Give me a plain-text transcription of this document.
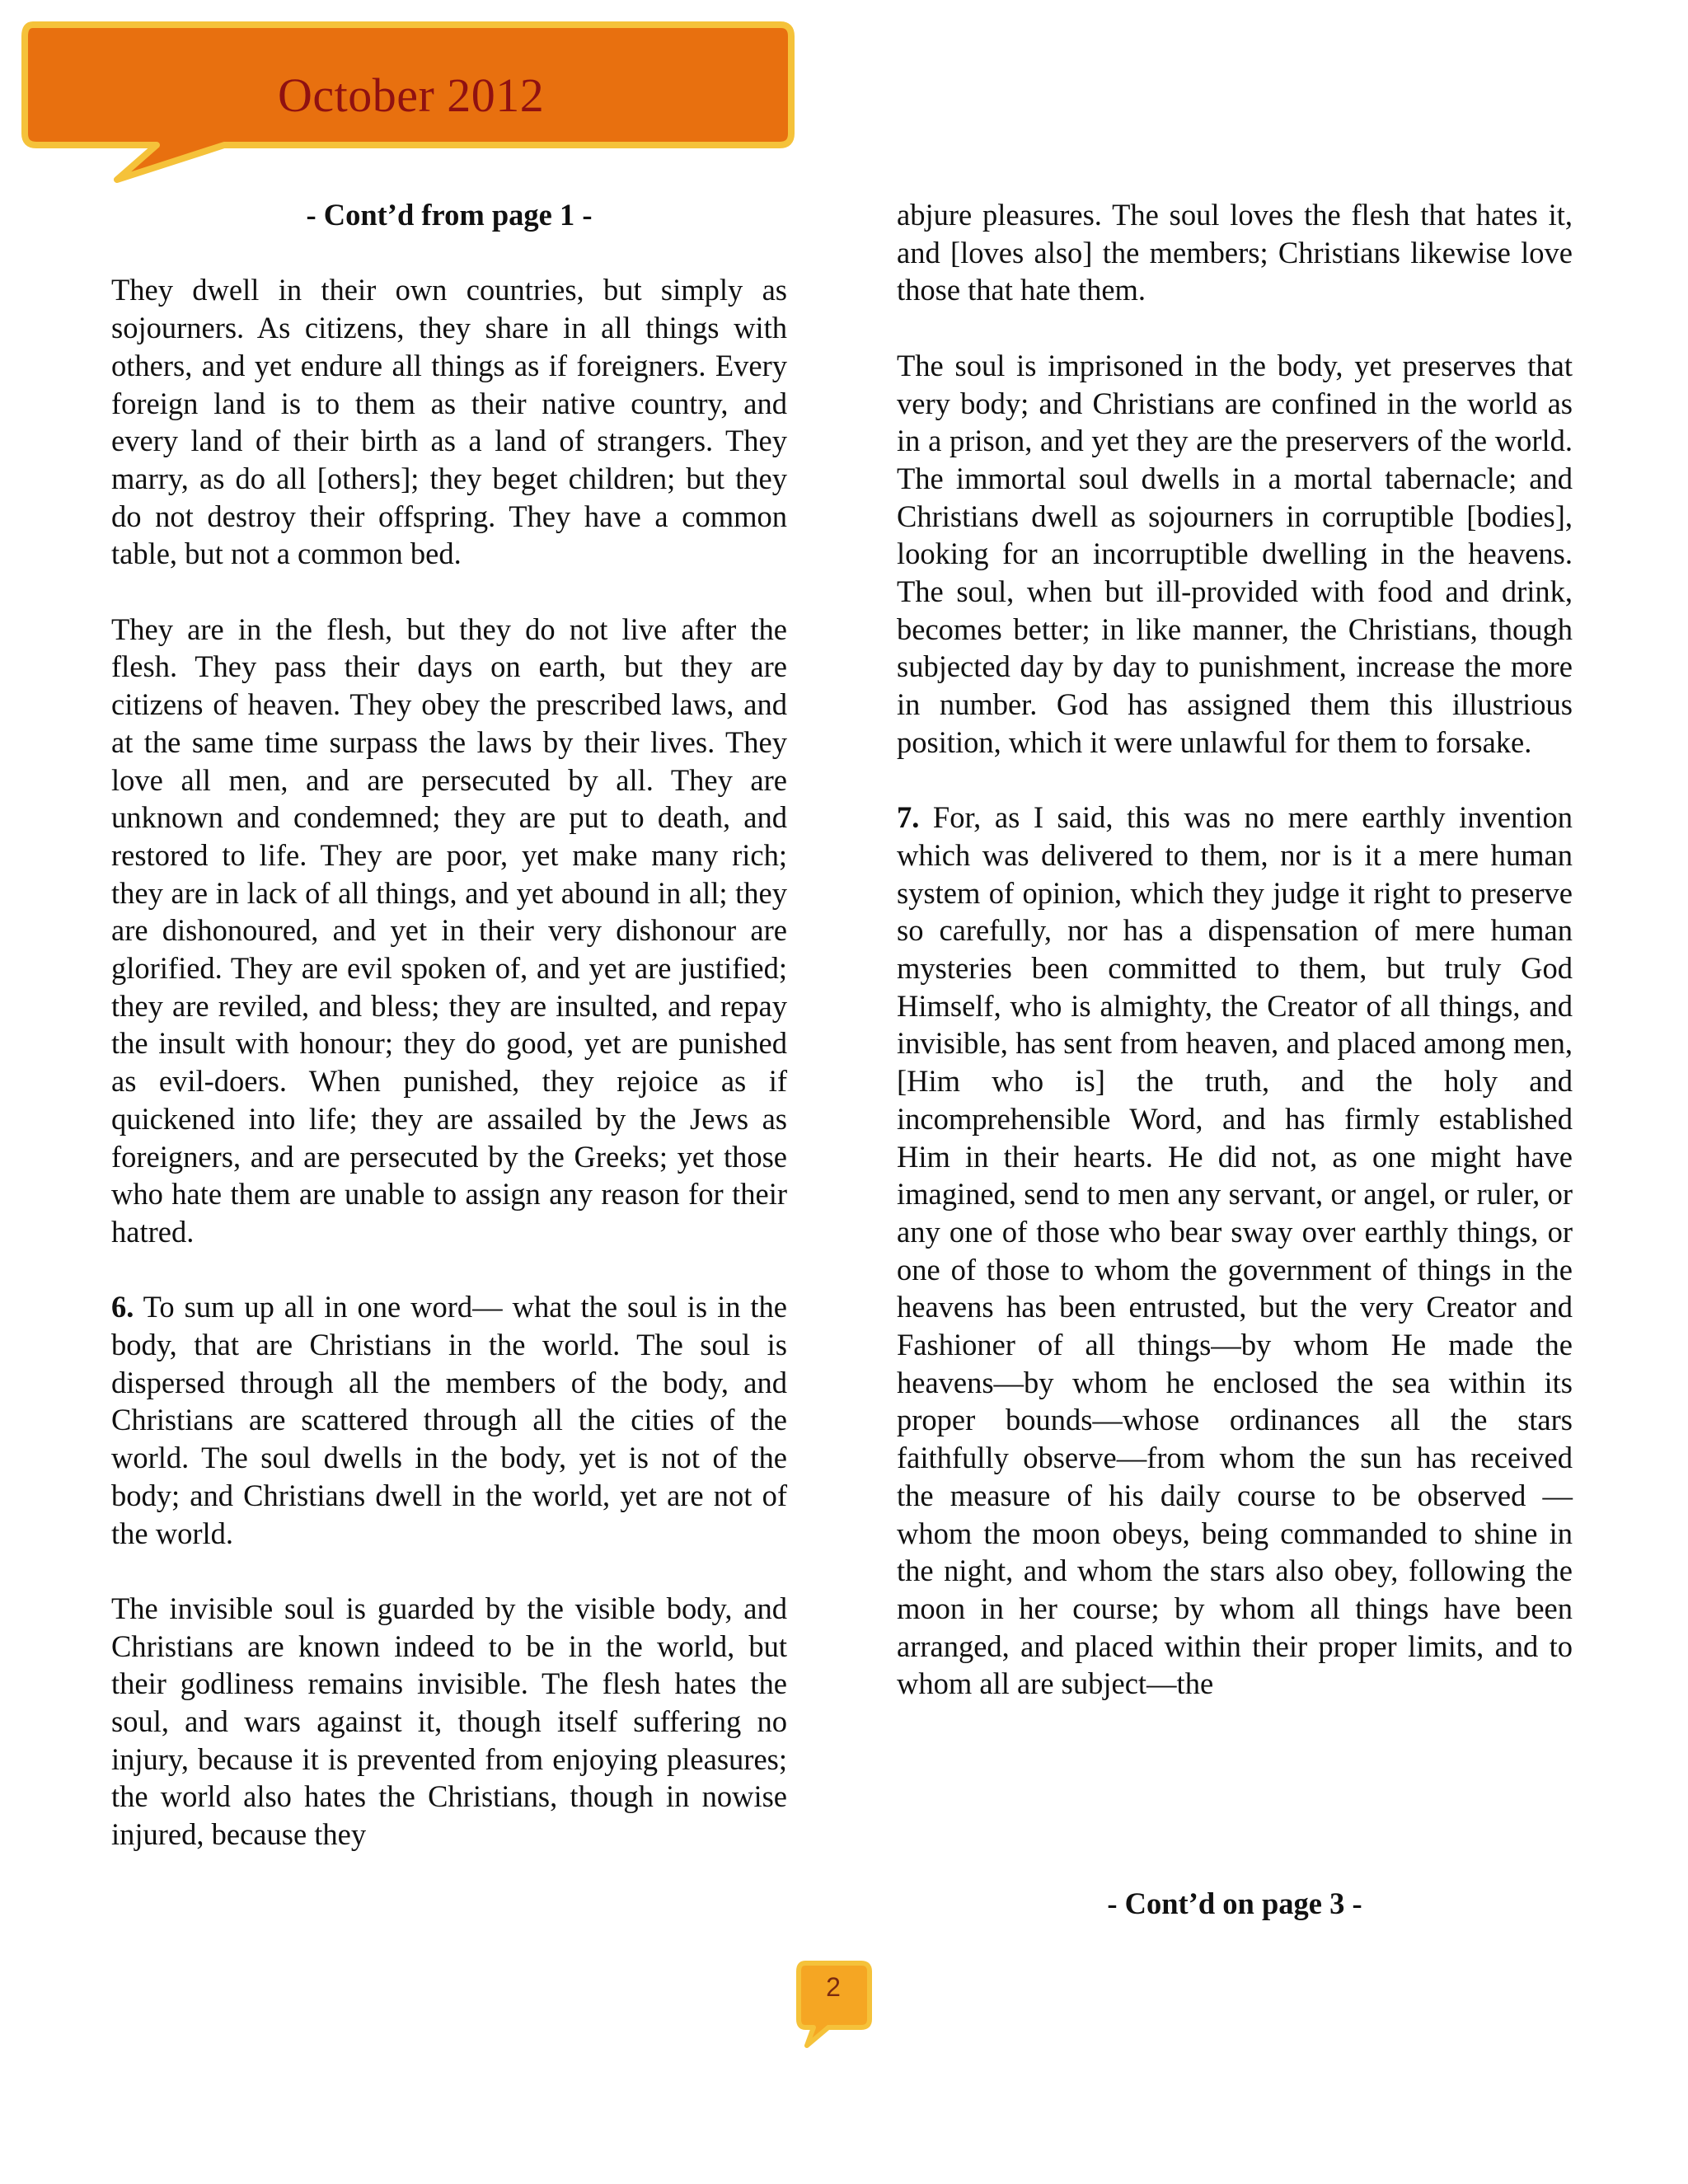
October 2012

- Cont’d from page 1 -

They dwell in their own countries, but simply as sojourners. As citizens, they share in all things with others, and yet endure all things as if foreigners. Every foreign land is to them as their native country, and every land of their birth as a land of strangers. They marry, as do all [others]; they beget children; but they do not destroy their offspring. They have a common table, but not a common bed.

They are in the flesh, but they do not live after the flesh. They pass their days on earth, but they are citizens of heaven. They obey the prescribed laws, and at the same time surpass the laws by their lives. They love all men, and are persecuted by all. They are unknown and condemned; they are put to death, and restored to life. They are poor, yet make many rich; they are in lack of all things, and yet abound in all; they are dishonoured, and yet in their very dishonour are glorified. They are evil spoken of, and yet are justified; they are reviled, and bless; they are insulted, and repay the insult with honour; they do good, yet are punished as evil-doers. When punished, they rejoice as if quickened into life; they are assailed by the Jews as foreigners, and are persecuted by the Greeks; yet those who hate them are unable to assign any reason for their hatred.

6. To sum up all in one word— what the soul is in the body, that are Christians in the world. The soul is dispersed through all the members of the body, and Christians are scattered through all the cities of the world. The soul dwells in the body, yet is not of the body; and Christians dwell in the world, yet are not of the world.

The invisible soul is guarded by the visible body, and Christians are known indeed to be in the world, but their godliness remains invisible. The flesh hates the soul, and wars against it, though itself suffering no injury, because it is prevented from enjoying pleasures; the world also hates the Christians, though in nowise injured, because they

abjure pleasures. The soul loves the flesh that hates it, and [loves also] the members; Christians likewise love those that hate them.

The soul is imprisoned in the body, yet preserves that very body; and Christians are confined in the world as in a prison, and yet they are the preservers of the world. The immortal soul dwells in a mortal tabernacle; and Christians dwell as sojourners in corruptible [bodies], looking for an incorruptible dwelling in the heavens. The soul, when but ill-provided with food and drink, becomes better; in like manner, the Christians, though subjected day by day to punishment, increase the more in number. God has assigned them this illustrious position, which it were unlawful for them to forsake.

7. For, as I said, this was no mere earthly invention which was delivered to them, nor is it a mere human system of opinion, which they judge it right to preserve so carefully, nor has a dispensation of mere human mysteries been committed to them, but truly God Himself, who is almighty, the Creator of all things, and invisible, has sent from heaven, and placed among men, [Him who is] the truth, and the holy and incomprehensible Word, and has firmly established Him in their hearts. He did not, as one might have imagined, send to men any servant, or angel, or ruler, or any one of those who bear sway over earthly things, or one of those to whom the government of things in the heavens has been entrusted, but the very Creator and Fashioner of all things—by whom He made the heavens—by whom he enclosed the sea within its proper bounds—whose ordinances all the stars faithfully observe—from whom the sun has received the measure of his daily course to be observed — whom the moon obeys, being commanded to shine in the night, and whom the stars also obey, following the moon in her course; by whom all things have been arranged, and placed within their proper limits, and to whom all are subject—the

- Cont’d on page 3 -
2
